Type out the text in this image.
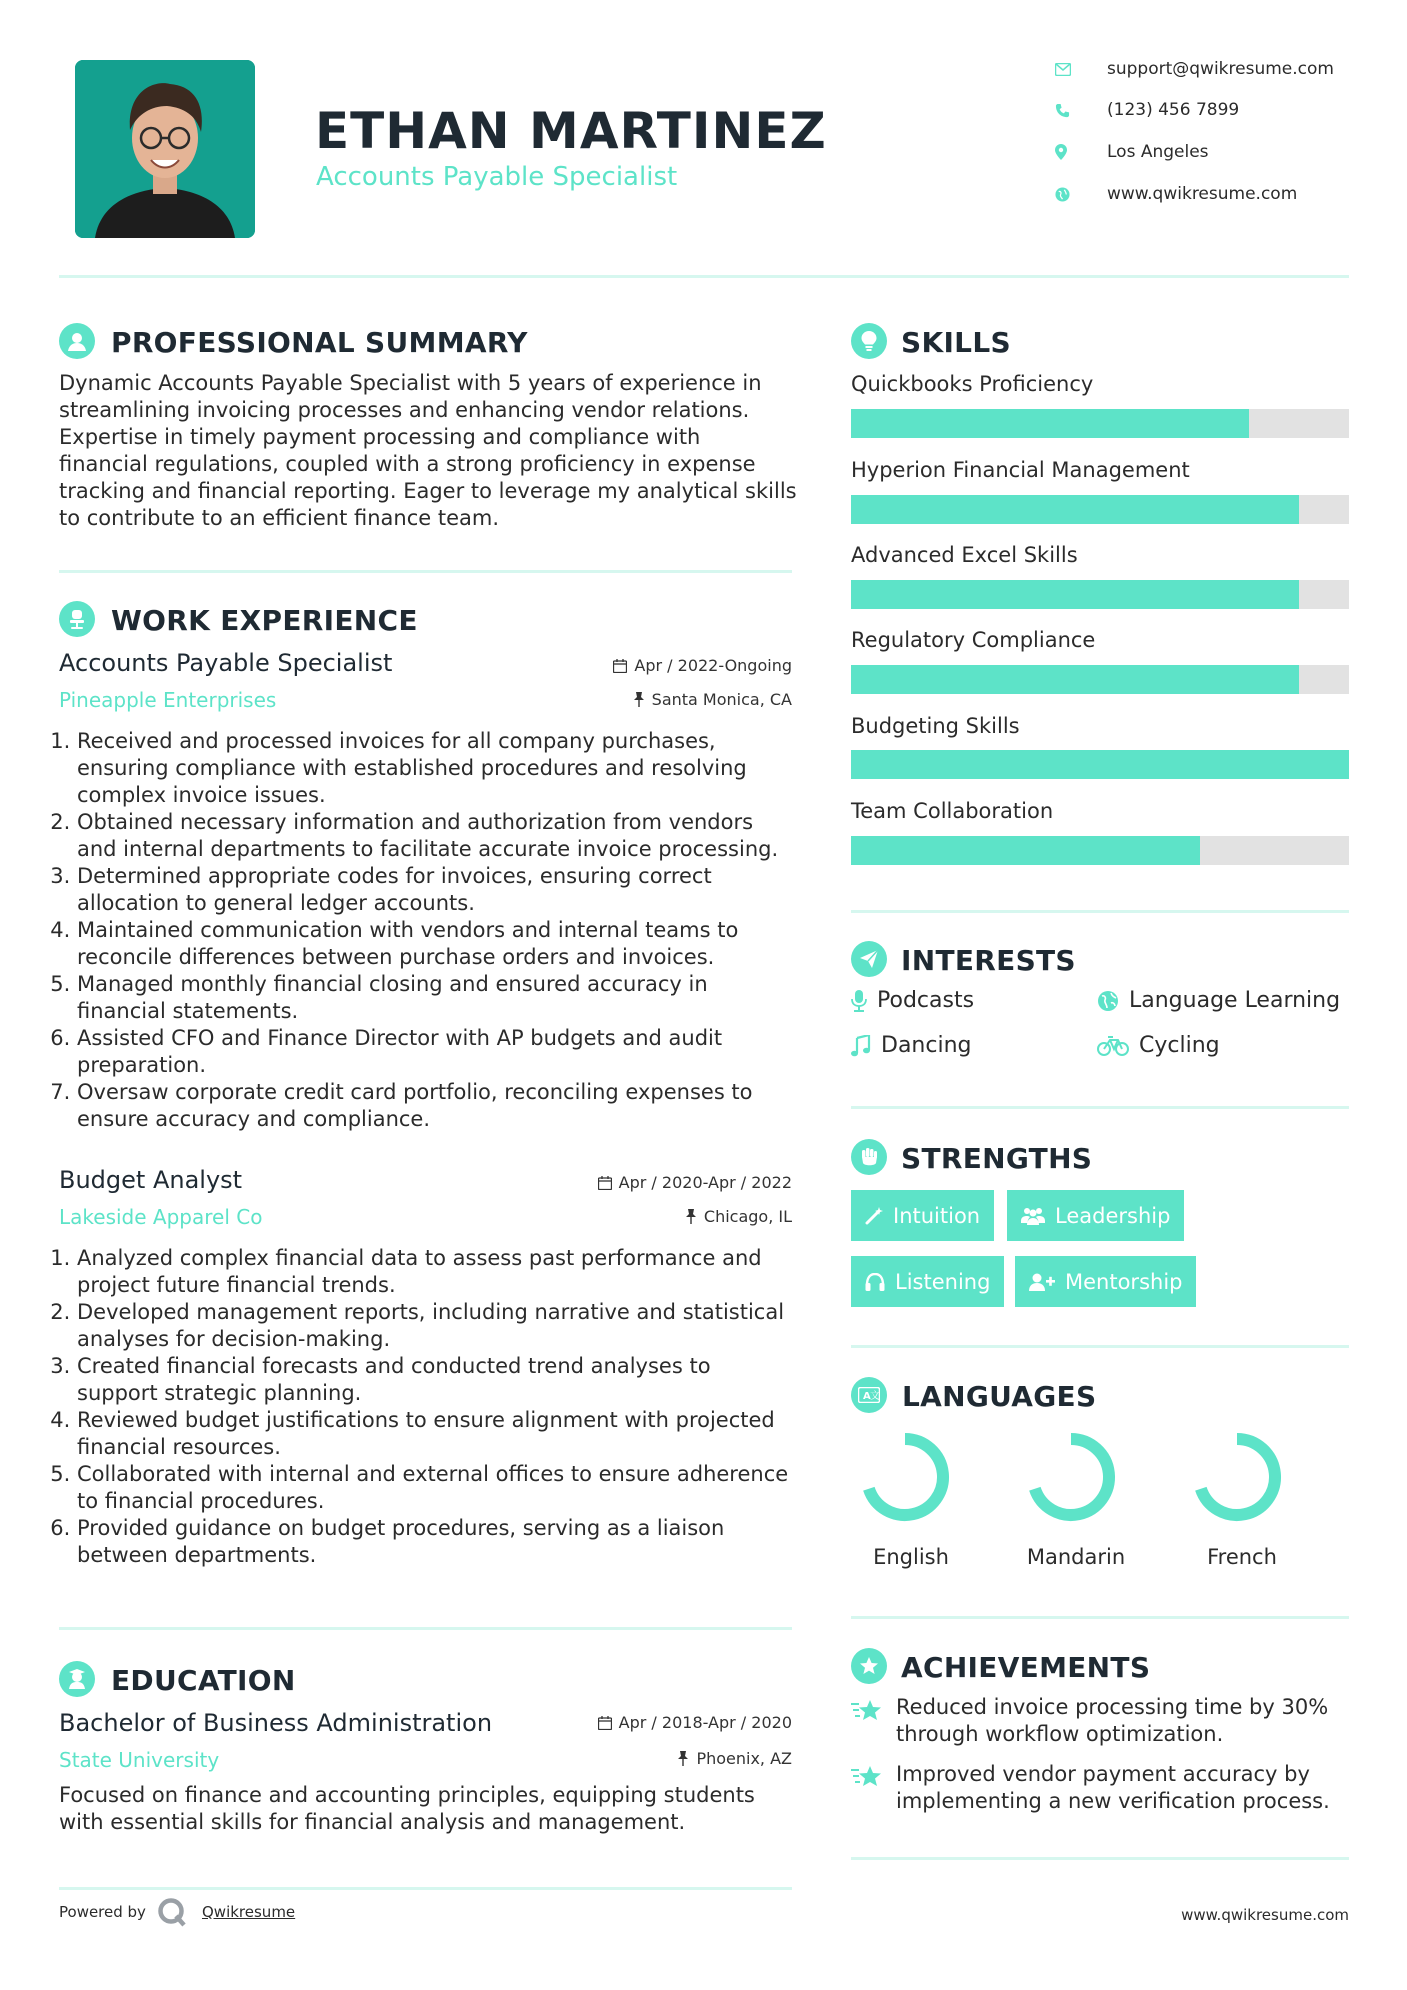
ETHAN MARTINEZ
Accounts Payable Specialist
support@qwikresume.com
(123) 456 7899
Los Angeles
www.qwikresume.com
PROFESSIONAL SUMMARY
Dynamic Accounts Payable Specialist with 5 years of experience in
streamlining invoicing processes and enhancing vendor relations.
Expertise in timely payment processing and compliance with
financial regulations, coupled with a strong proficiency in expense
tracking and financial reporting. Eager to leverage my analytical skills
to contribute to an efficient finance team.
WORK EXPERIENCE
Accounts Payable Specialist
Pineapple Enterprises
Apr / 2022-Ongoing
Santa Monica, CA
1. Received and processed invoices for all company purchases,
ensuring compliance with established procedures and resolving
complex invoice issues.
2. Obtained necessary information and authorization from vendors
and internal departments to facilitate accurate invoice processing.
3. Determined appropriate codes for invoices, ensuring correct
allocation to general ledger accounts.
4. Maintained communication with vendors and internal teams to
reconcile differences between purchase orders and invoices.
5. Managed monthly financial closing and ensured accuracy in
financial statements.
6. Assisted CFO and Finance Director with AP budgets and audit
preparation.
7. Oversaw corporate credit card portfolio, reconciling expenses to
ensure accuracy and compliance.
Budget Analyst
Lakeside Apparel Co
Apr / 2020-Apr / 2022
Chicago, IL
1. Analyzed complex financial data to assess past performance and
project future financial trends.
2. Developed management reports, including narrative and statistical
analyses for decision-making.
3. Created financial forecasts and conducted trend analyses to
support strategic planning.
4. Reviewed budget justifications to ensure alignment with projected
financial resources.
5. Collaborated with internal and external offices to ensure adherence
to financial procedures.
6. Provided guidance on budget procedures, serving as a liaison
between departments.
EDUCATION
Bachelor of Business Administration
State University
Apr / 2018-Apr / 2020
Phoenix, AZ
Focused on finance and accounting principles, equipping students
with essential skills for financial analysis and management.
SKILLS
Quickbooks Proficiency
Hyperion Financial Management
Advanced Excel Skills
Regulatory Compliance
Budgeting Skills
Team Collaboration
INTERESTS
Podcasts	Language Learning
Dancing	Cycling
STRENGTHS
Intuition	Leadership
Listening	Mentorship
A 文 LANGUAGES
English	Mandarin	French
ACHIEVEMENTS
Reduced invoice processing time by 30%
through workflow optimization.
Improved vendor payment accuracy by
implementing a new verification process.
Powered by	Qwikresume	www.qwikresume.com
